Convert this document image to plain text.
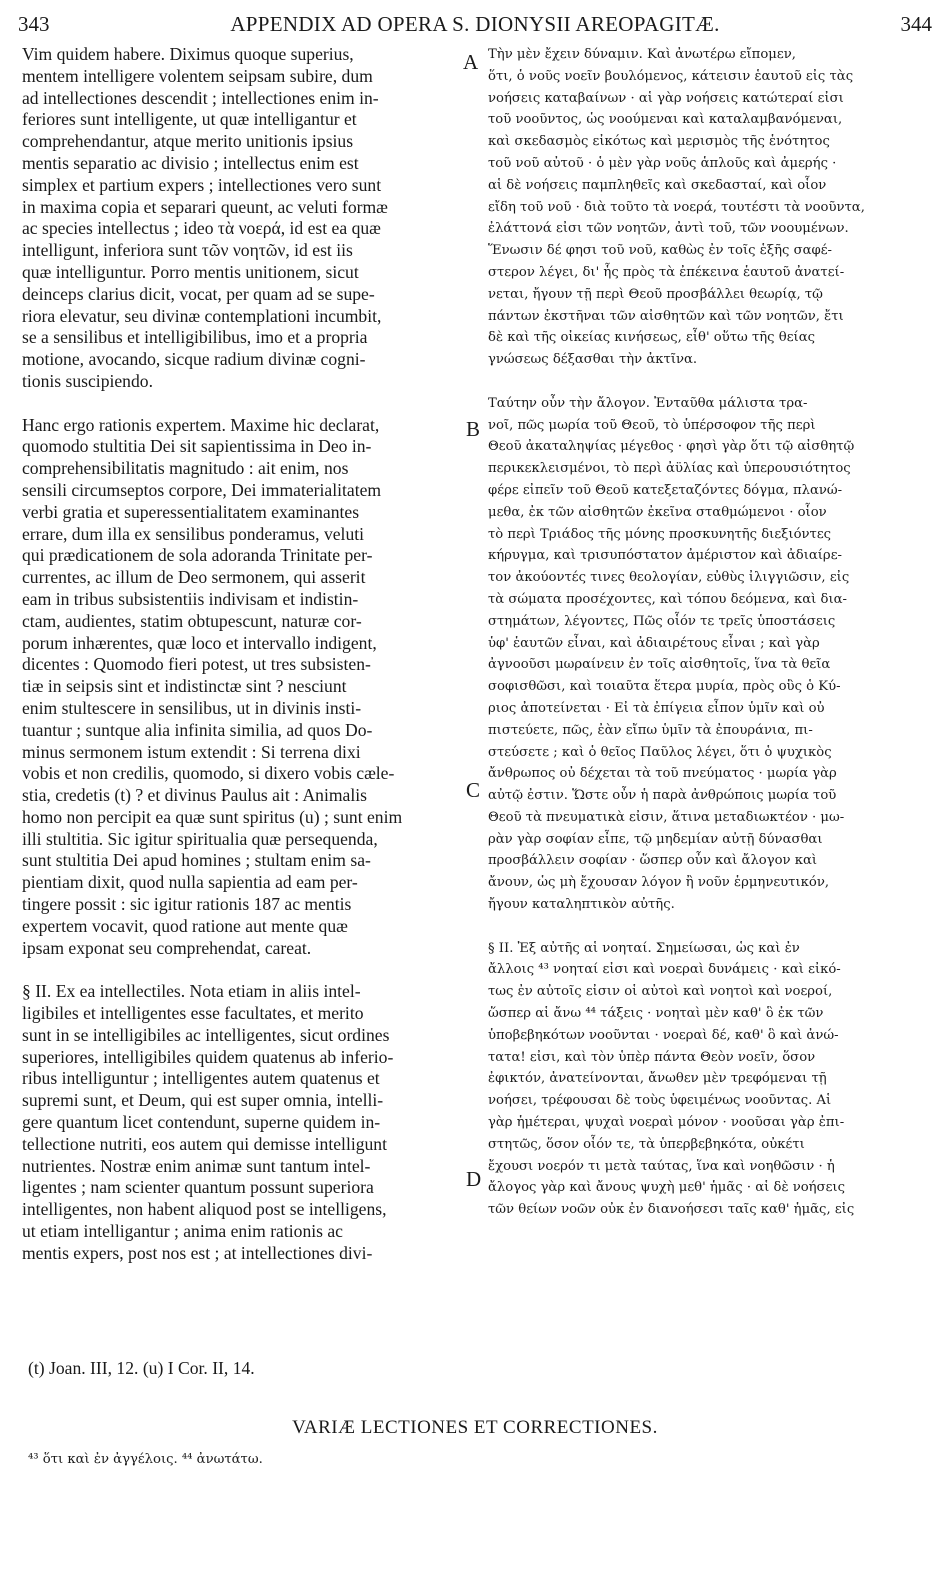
343	APPENDIX AD OPERA S. DIONYSII AREOPAGITÆ.	344

Vim quidem habere. Diximus quoque superius,
mentem intelligere volentem seipsam subire, dum
ad intellectiones descendit ; intellectiones enim in-
feriores sunt intelligente, ut quæ intelligantur et
comprehendantur, atque merito unitionis ipsius
mentis separatio ac divisio ; intellectus enim est
simplex et partium expers ; intellectiones vero sunt
in maxima copia et separari queunt, ac veluti formæ
ac species intellectus ; ideo τὰ νοερά, id est ea quæ
intelligunt, inferiora sunt τῶν νοητῶν, id est iis
quæ intelliguntur. Porro mentis unitionem, sicut
deinceps clarius dicit, vocat, per quam ad se supe-
riora elevatur, seu divinæ contemplationi incumbit,
se a sensilibus et intelligibilibus, imo et a propria
motione, avocando, sicque radium divinæ cogni-
tionis suscipiendo.

Hanc ergo rationis expertem. Maxime hic declarat,
quomodo stultitia Dei sit sapientissima in Deo in-
comprehensibilitatis magnitudo : ait enim, nos
sensili circumseptos corpore, Dei immaterialitatem
verbi gratia et superessentialitatem examinantes
errare, dum illa ex sensilibus ponderamus, veluti
qui prædicationem de sola adoranda Trinitate per-
currentes, ac illum de Deo sermonem, qui asserit
eam in tribus subsistentiis indivisam et indistin-
ctam, audientes, statim obtupescunt, naturæ cor-
porum inhærentes, quæ loco et intervallo indigent,
dicentes : Quomodo fieri potest, ut tres subsisten-
tiæ in seipsis sint et indistinctæ sint ? nesciunt
enim stultescere in sensilibus, ut in divinis insti-
tuantur ; suntque alia infinita similia, ad quos Do-
minus sermonem istum extendit : Si terrena dixi
vobis et non credilis, quomodo, si dixero vobis cæle-
stia, credetis (t) ? et divinus Paulus ait : Animalis
homo non percipit ea quæ sunt spiritus (u) ; sunt enim
illi stultitia. Sic igitur spiritualia quæ persequenda,
sunt stultitia Dei apud homines ; stultam enim sa-
pientiam dixit, quod nulla sapientia ad eam per-
tingere possit : sic igitur rationis 187 ac mentis
expertem vocavit, quod ratione aut mente quæ
ipsam exponat seu comprehendat, careat.

§ II. Ex ea intellectiles. Nota etiam in aliis intel-
ligibiles et intelligentes esse facultates, et merito
sunt in se intelligibiles ac intelligentes, sicut ordines
superiores, intelligibiles quidem quatenus ab inferio-
ribus intelliguntur ; intelligentes autem quatenus et
supremi sunt, et Deum, qui est super omnia, intelli-
gere quantum licet contendunt, superne quidem in-
tellectione nutriti, eos autem qui demisse intelligunt
nutrientes. Nostræ enim animæ sunt tantum intel-
ligentes ; nam scienter quantum possunt superiora
intelligentes, non habent aliquod post se intelligens,
ut etiam intelligantur ; anima enim rationis ac
mentis expers, post nos est ; at intellectiones divi-

Τὴν μὲν ἔχειν δύναμιν. Καὶ ἀνωτέρω εἴπομεν,
ὅτι, ὁ νοῦς νοεῖν βουλόμενος, κάτεισιν ἑαυτοῦ εἰς τὰς
νοήσεις καταβαίνων · αἱ γὰρ νοήσεις κατώτεραί εἰσι
τοῦ νοοῦντος, ὡς νοούμεναι καὶ καταλαμβανόμεναι,
καὶ σκεδασμὸς εἰκότως καὶ μερισμὸς τῆς ἑνότητος
τοῦ νοῦ αὐτοῦ · ὁ μὲν γὰρ νοῦς ἁπλοῦς καὶ ἀμερής ·
αἱ δὲ νοήσεις παμπληθεῖς καὶ σκεδασταί, καὶ οἷον
εἴδη τοῦ νοῦ · διὰ τοῦτο τὰ νοερά, τουτέστι τὰ νοοῦντα,
ἐλάττονά εἰσι τῶν νοητῶν, ἀντὶ τοῦ, τῶν νοουμένων.
Ἕνωσιν δέ φησι τοῦ νοῦ, καθὼς ἐν τοῖς ἑξῆς σαφέ-
στερον λέγει, δι' ἧς πρὸς τὰ ἐπέκεινα ἑαυτοῦ ἀνατεί-
νεται, ἤγουν τῇ περὶ Θεοῦ προσβάλλει θεωρίᾳ, τῷ
πάντων ἐκστῆναι τῶν αἰσθητῶν καὶ τῶν νοητῶν, ἔτι
δὲ καὶ τῆς οἰκείας κινήσεως, εἶθ' οὕτω τῆς θείας
γνώσεως δέξασθαι τὴν ἀκτῖνα.

Ταύτην οὖν τὴν ἄλογον. Ἐνταῦθα μάλιστα τρα-
νοῖ, πῶς μωρία τοῦ Θεοῦ, τὸ ὑπέρσοφον τῆς περὶ
Θεοῦ ἀκαταληψίας μέγεθος · φησὶ γὰρ ὅτι τῷ αἰσθητῷ
περικεκλεισμένοι, τὸ περὶ ἀϋλίας καὶ ὑπερουσιότητος
φέρε εἰπεῖν τοῦ Θεοῦ κατεξεταζόντες δόγμα, πλανώ-
μεθα, ἐκ τῶν αἰσθητῶν ἐκεῖνα σταθμώμενοι · οἷον
τὸ περὶ Τριάδος τῆς μόνης προσκυνητῆς διεξιόντες
κήρυγμα, καὶ τρισυπόστατον ἀμέριστον καὶ ἀδιαίρε-
τον ἀκούοντές τινες θεολογίαν, εὐθὺς ἰλιγγιῶσιν, εἰς
τὰ σώματα προσέχοντες, καὶ τόπου δεόμενα, καὶ δια-
στημάτων, λέγοντες, Πῶς οἷόν τε τρεῖς ὑποστάσεις
ὑφ' ἑαυτῶν εἶναι, καὶ ἀδιαιρέτους εἶναι ; καὶ γὰρ
ἀγνοοῦσι μωραίνειν ἐν τοῖς αἰσθητοῖς, ἵνα τὰ θεῖα
σοφισθῶσι, καὶ τοιαῦτα ἕτερα μυρία, πρὸς οὓς ὁ Κύ-
ριος ἀποτείνεται · Εἰ τὰ ἐπίγεια εἶπον ὑμῖν καὶ οὐ
πιστεύετε, πῶς, ἐὰν εἴπω ὑμῖν τὰ ἐπουράνια, πι-
στεύσετε ; καὶ ὁ θεῖος Παῦλος λέγει, ὅτι ὁ ψυχικὸς
ἄνθρωπος οὐ δέχεται τὰ τοῦ πνεύματος · μωρία γὰρ
αὐτῷ ἐστιν. Ὥστε οὖν ἡ παρὰ ἀνθρώποις μωρία τοῦ
Θεοῦ τὰ πνευματικὰ εἰσιν, ἅτινα μεταδιωκτέον · μω-
ρὰν γὰρ σοφίαν εἶπε, τῷ μηδεμίαν αὐτῇ δύνασθαι
προσβάλλειν σοφίαν · ὥσπερ οὖν καὶ ἄλογον καὶ
ἄνουν, ὡς μὴ ἔχουσαν λόγον ἢ νοῦν ἑρμηνευτικόν,
ἤγουν καταληπτικὸν αὐτῆς.

§ II. Ἐξ αὐτῆς αἱ νοηταί. Σημείωσαι, ὡς καὶ ἐν
ἄλλοις ⁴³ νοηταί εἰσι καὶ νοεραὶ δυνάμεις · καὶ εἰκό-
τως ἐν αὐτοῖς εἰσιν οἱ αὐτοὶ καὶ νοητοὶ καὶ νοεροί,
ὥσπερ αἱ ἄνω ⁴⁴ τάξεις · νοηταὶ μὲν καθ' ὃ ἐκ τῶν
ὑποβεβηκότων νοοῦνται · νοεραὶ δέ, καθ' ὃ καὶ ἀνώ-
τατα! εἰσι, καὶ τὸν ὑπὲρ πάντα Θεὸν νοεῖν, ὅσον
ἐφικτόν, ἀνατείνονται, ἄνωθεν μὲν τρεφόμεναι τῇ
νοήσει, τρέφουσαι δὲ τοὺς ὑφειμένως νοοῦντας. Αἱ
γὰρ ἡμέτεραι, ψυχαὶ νοεραὶ μόνον · νοοῦσαι γὰρ ἐπι-
στητῶς, ὅσον οἷόν τε, τὰ ὑπερβεβηκότα, οὐκέτι
ἔχουσι νοερόν τι μετὰ ταύτας, ἵνα καὶ νοηθῶσιν · ἡ
ἄλογος γὰρ καὶ ἄνους ψυχὴ μεθ' ἡμᾶς · αἱ δὲ νοήσεις
τῶν θείων νοῶν οὐκ ἐν διανοήσεσι ταῖς καθ' ἡμᾶς, εἰς

A
B
C
D
(t) Joan. III, 12. (u) I Cor. II, 14.
VARIÆ LECTIONES ET CORRECTIONES.
⁴³ ὅτι καὶ ἐν ἀγγέλοις. ⁴⁴ ἀνωτάτω.
